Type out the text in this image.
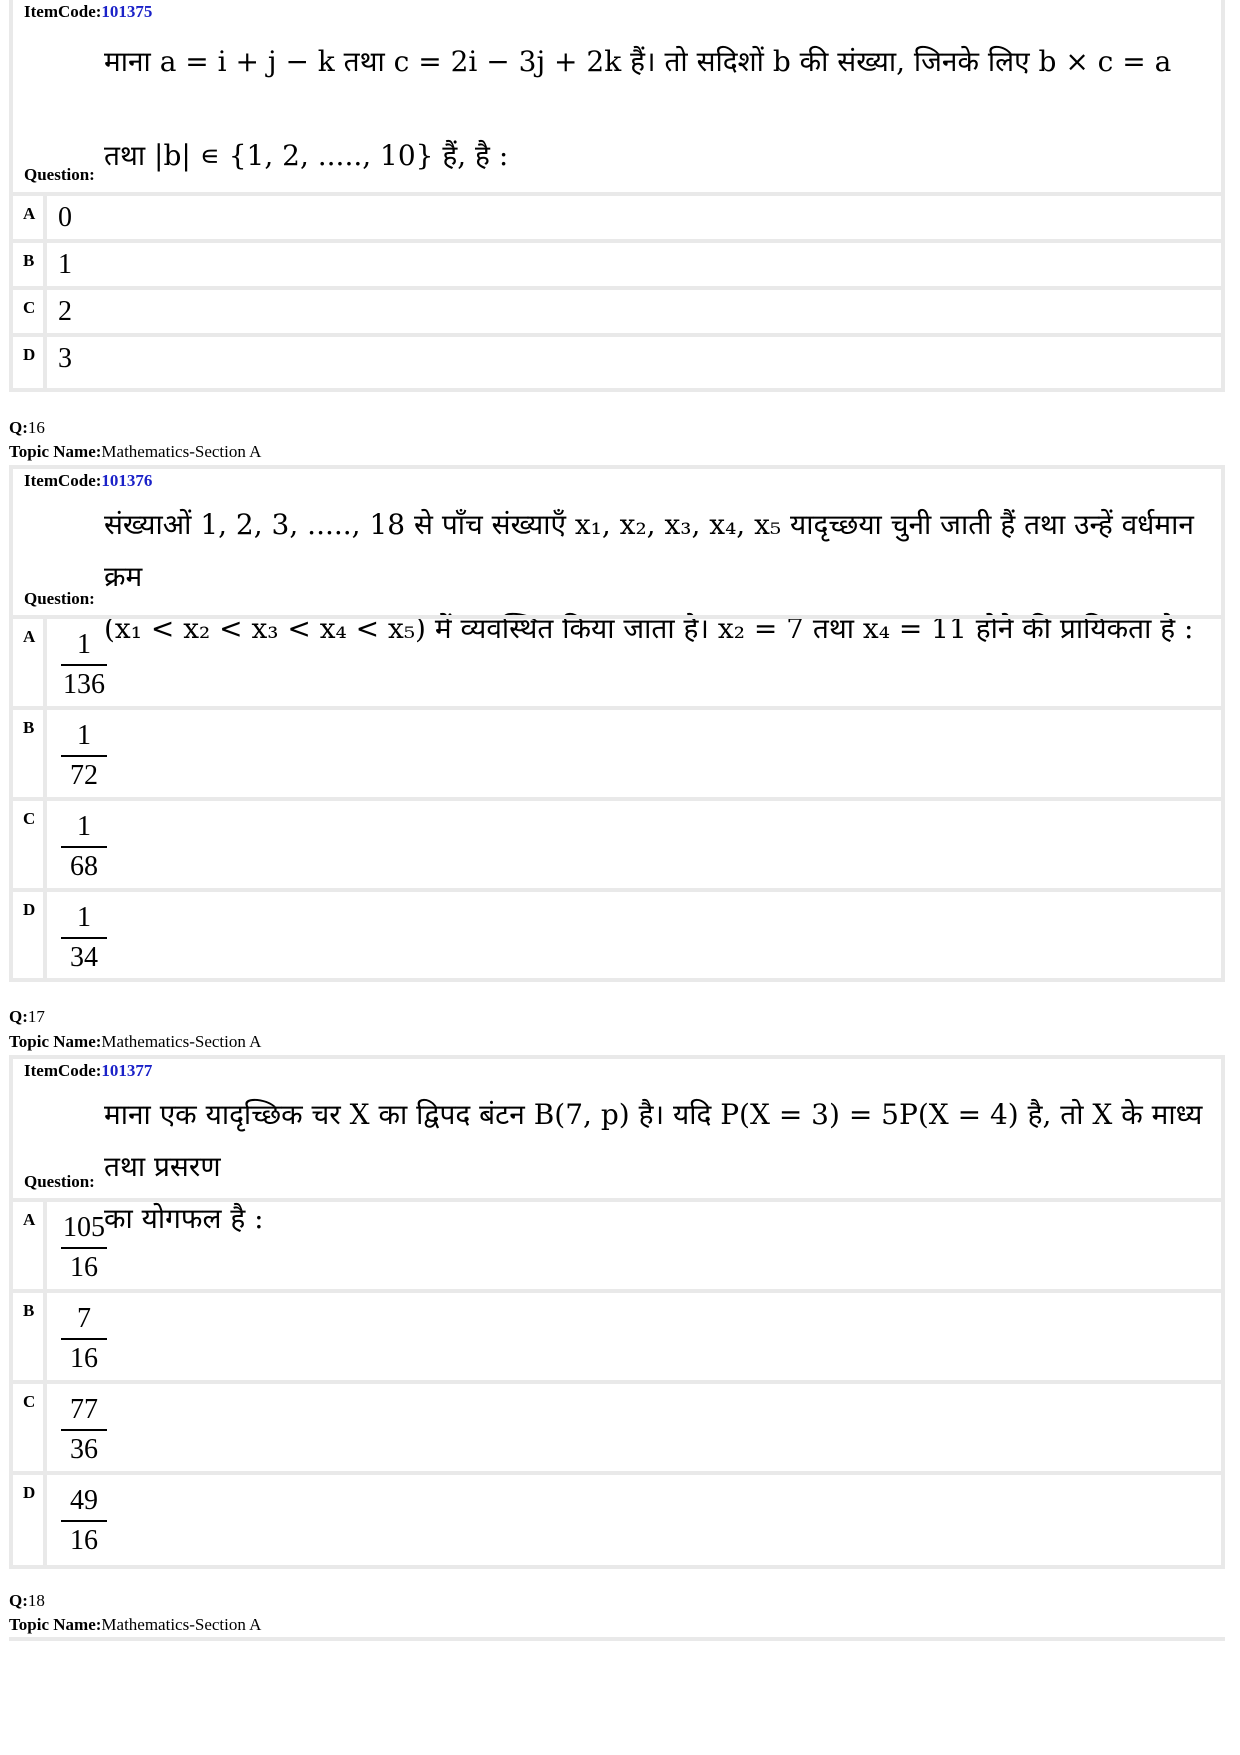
ItemCode:101375
माना a = i + j − k तथा c = 2i − 3j + 2k हैं। तो सदिशों b की संख्या, जिनके लिए b × c = a
तथा |b| ∊ {1, 2, ....., 10} हैं, है :
Question:
A 0
B 1
C 2
D 3
Q:16
Topic Name:Mathematics-Section A
ItemCode:101376
संख्याओं 1, 2, 3, ....., 18 से पाँच संख्याएँ x₁, x₂, x₃, x₄, x₅ यादृच्छया चुनी जाती हैं तथा उन्हें वर्धमान क्रम
(x₁ < x₂ < x₃ < x₄ < x₅) में व्यवस्थित किया जाता है। x₂ = 7 तथा x₄ = 11 होने की प्रायिकता है :
Question:
A	1
136
B	1
72
C	1
68
D	1
34
Q:17
Topic Name:Mathematics-Section A
ItemCode:101377
माना एक यादृच्छिक चर X का द्विपद बंटन B(7, p) है। यदि P(X = 3) = 5P(X = 4) है, तो X के माध्य तथा प्रसरण
का योगफल है :
Question:
A 105
16
B	7
16
C	77
36
D	49
16
Q:18
Topic Name:Mathematics-Section A
